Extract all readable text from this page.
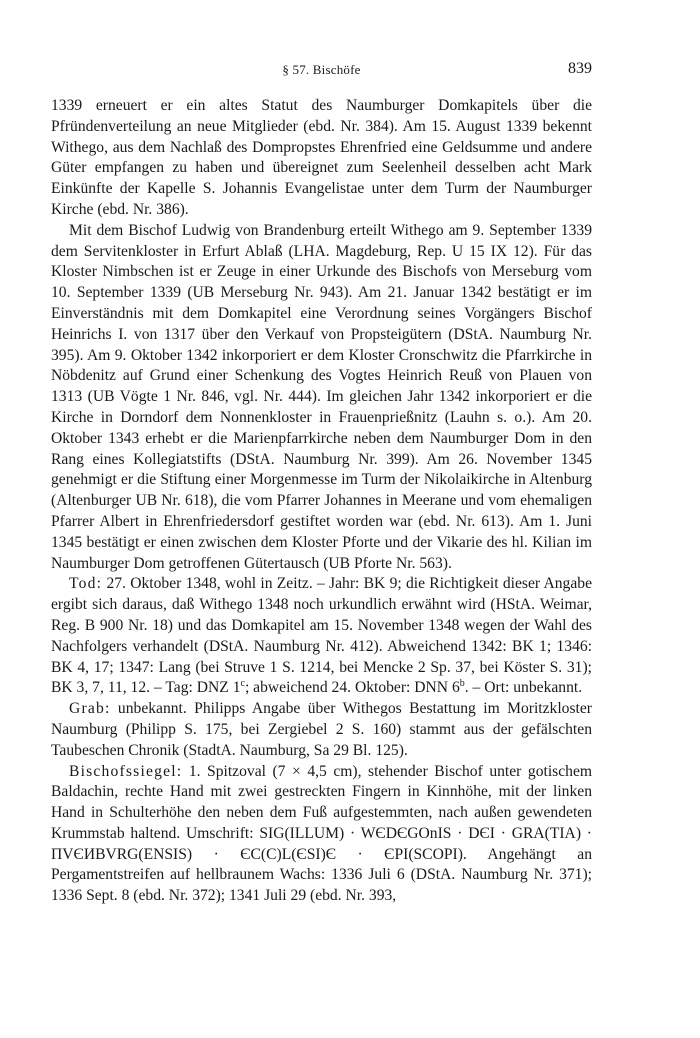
§ 57. Bischöfe	839

1339 erneuert er ein altes Statut des Naumburger Domkapitels über die Pfründenverteilung an neue Mitglieder (ebd. Nr. 384). Am 15. August 1339 bekennt Withego, aus dem Nachlaß des Dompropstes Ehrenfried eine Geldsumme und andere Güter empfangen zu haben und übereignet zum Seelenheil desselben acht Mark Einkünfte der Kapelle S. Johannis Evangelistae unter dem Turm der Naumburger Kirche (ebd. Nr. 386).

Mit dem Bischof Ludwig von Brandenburg erteilt Withego am 9. September 1339 dem Servitenkloster in Erfurt Ablaß (LHA. Magdeburg, Rep. U 15 IX 12). Für das Kloster Nimbschen ist er Zeuge in einer Urkunde des Bischofs von Merseburg vom 10. September 1339 (UB Merseburg Nr. 943). Am 21. Januar 1342 bestätigt er im Einverständnis mit dem Domkapitel eine Verordnung seines Vorgängers Bischof Heinrichs I. von 1317 über den Verkauf von Propsteigütern (DStA. Naumburg Nr. 395). Am 9. Oktober 1342 inkorporiert er dem Kloster Cronschwitz die Pfarrkirche in Nöbdenitz auf Grund einer Schenkung des Vogtes Heinrich Reuß von Plauen von 1313 (UB Vögte 1 Nr. 846, vgl. Nr. 444). Im gleichen Jahr 1342 inkorporiert er die Kirche in Dorndorf dem Nonnenkloster in Frauenprießnitz (Lauhn s. o.). Am 20. Oktober 1343 erhebt er die Marienpfarrkirche neben dem Naumburger Dom in den Rang eines Kollegiatstifts (DStA. Naumburg Nr. 399). Am 26. November 1345 genehmigt er die Stiftung einer Morgenmesse im Turm der Nikolaikirche in Altenburg (Altenburger UB Nr. 618), die vom Pfarrer Johannes in Meerane und vom ehemaligen Pfarrer Albert in Ehrenfriedersdorf gestiftet worden war (ebd. Nr. 613). Am 1. Juni 1345 bestätigt er einen zwischen dem Kloster Pforte und der Vikarie des hl. Kilian im Naumburger Dom getroffenen Gütertausch (UB Pforte Nr. 563).

Tod: 27. Oktober 1348, wohl in Zeitz. – Jahr: BK 9; die Richtigkeit dieser Angabe ergibt sich daraus, daß Withego 1348 noch urkundlich erwähnt wird (HStA. Weimar, Reg. B 900 Nr. 18) und das Domkapitel am 15. November 1348 wegen der Wahl des Nachfolgers verhandelt (DStA. Naumburg Nr. 412). Abweichend 1342: BK 1; 1346: BK 4, 17; 1347: Lang (bei Struve 1 S. 1214, bei Mencke 2 Sp. 37, bei Köster S. 31); BK 3, 7, 11, 12. – Tag: DNZ 1$^c$; abweichend 24. Oktober: DNN 6$^b$. – Ort: unbekannt.

Grab: unbekannt. Philipps Angabe über Withegos Bestattung im Moritzkloster Naumburg (Philipp S. 175, bei Zergiebel 2 S. 160) stammt aus der gefälschten Taubeschen Chronik (StadtA. Naumburg, Sa 29 Bl. 125).

Bischofssiegel: 1. Spitzoval (7 × 4,5 cm), stehender Bischof unter gotischem Baldachin, rechte Hand mit zwei gestreckten Fingern in Kinnhöhe, mit der linken Hand in Schulterhöhe den neben dem Fuß aufgestemmten, nach außen gewendeten Krummstab haltend. Umschrift: SIG(ILLUM) · WЄDЄGOnIS · DЄI · GRA(TIA) · ПVЄИBVRG(ENSIS) · ЄC(C)L(ЄSI)Є · ЄPI(SCOPI). Angehängt an Pergamentstreifen auf hellbraunem Wachs: 1336 Juli 6 (DStA. Naumburg Nr. 371); 1336 Sept. 8 (ebd. Nr. 372); 1341 Juli 29 (ebd. Nr. 393,
